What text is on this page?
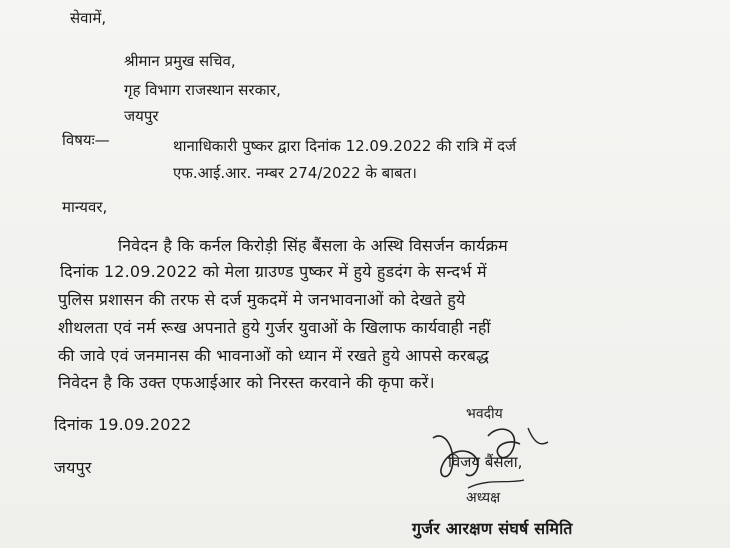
सेवामें,
श्रीमान प्रमुख सचिव,
गृह विभाग राजस्थान सरकार,
जयपुर
विषयः—	थानाधिकारी पुष्कर द्वारा दिनांक 12.09.2022 की रात्रि में दर्ज
एफ.आई.आर. नम्बर 274/2022 के बाबत।
मान्यवर,
निवेदन है कि कर्नल किरोड़ी सिंह बैंसला के अस्थि विसर्जन कार्यक्रम
दिनांक 12.09.2022 को मेला ग्राउण्ड पुष्कर में हुये हुडदंग के सन्दर्भ में
पुलिस प्रशासन की तरफ से दर्ज मुकदमें मे जनभावनाओं को देखते हुये
शीथलता एवं नर्म रूख अपनाते हुये गुर्जर युवाओं के खिलाफ कार्यवाही नहीं
की जावे एवं जनमानस की भावनाओं को ध्यान में रखते हुये आपसे करबद्ध
निवेदन है कि उक्त एफआईआर को निरस्त करवाने की कृपा करें।
दिनांक 19.09.2022
जयपुर
भवदीय
विजय बैंसला,
अध्यक्ष
गुर्जर आरक्षण संघर्ष समिति
